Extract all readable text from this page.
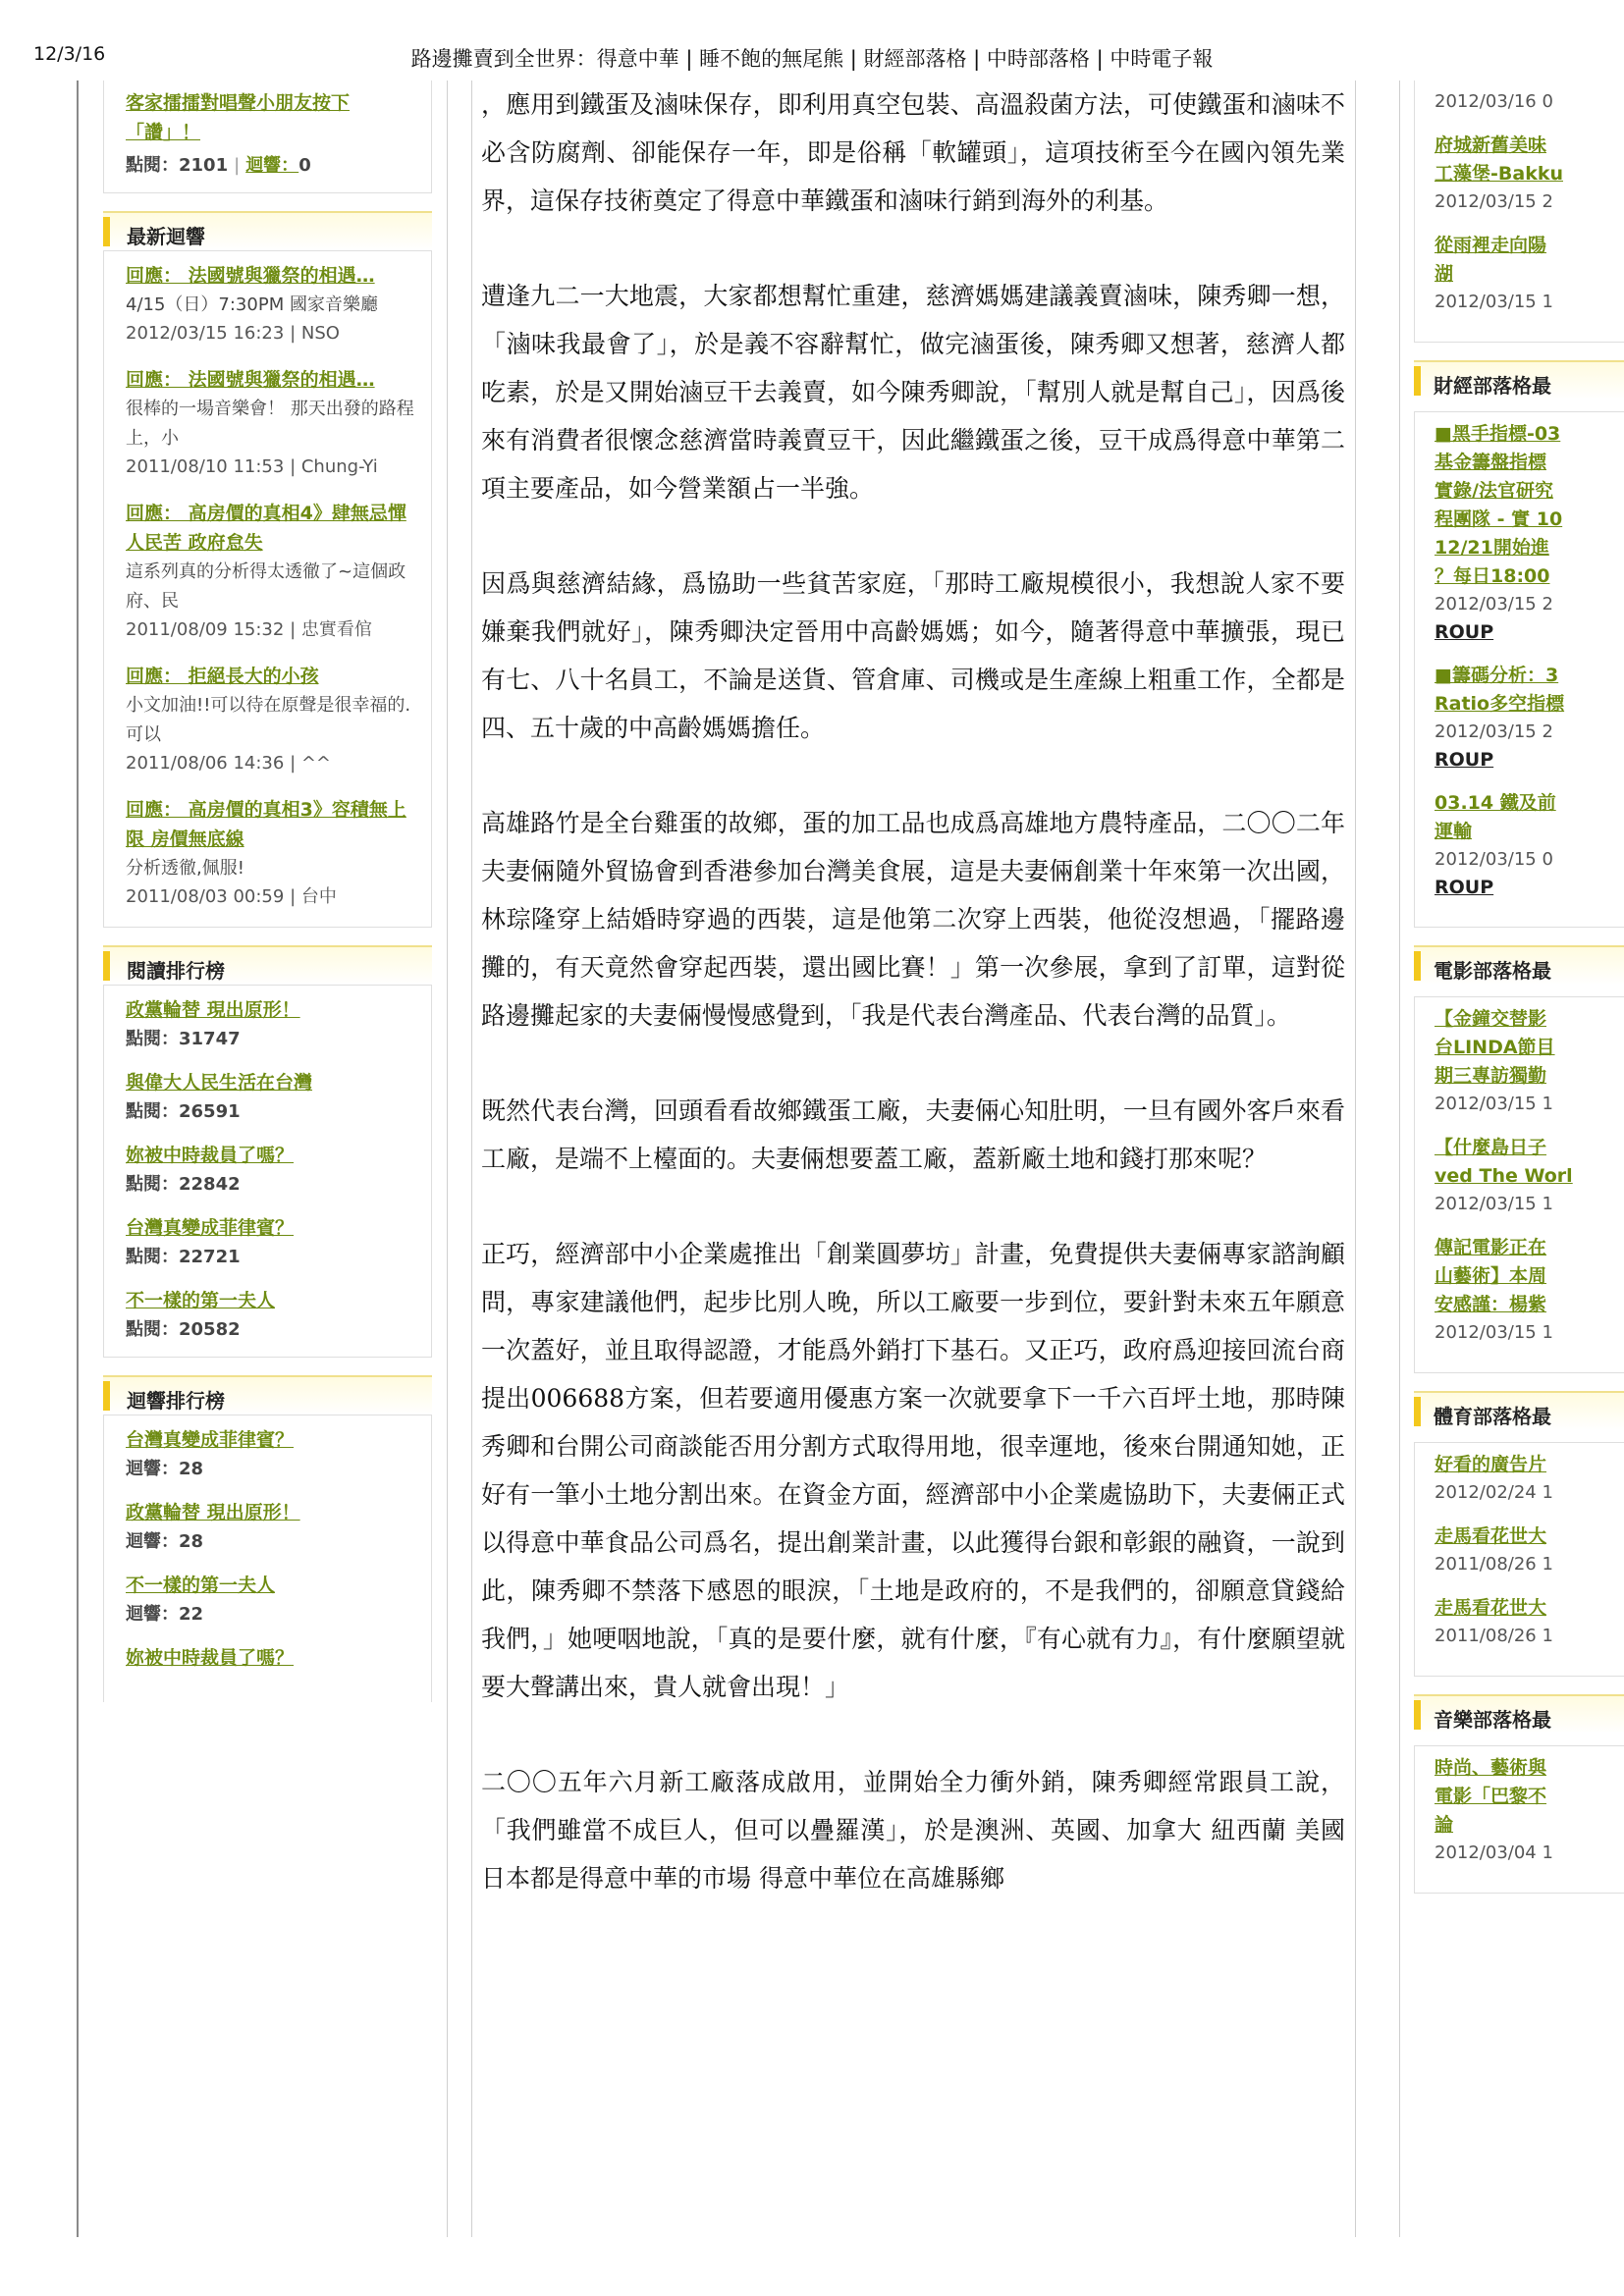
12/3/16	路邊攤賣到全世界：得意中華 | 睡不飽的無尾熊 | 財經部落格 | 中時部落格 | 中時電子報
客家擂擂對唱聲小朋友按下「讚」！
點閱：2101 | 迴響：0
最新迴響
回應： 法國號與獵祭的相遇…
4/15（日）7:30PM 國家音樂廳
2012/03/15 16:23 | NSO
回應： 法國號與獵祭的相遇…
很棒的一場音樂會！ 那天出發的路程上，小
2011/08/10 11:53 | Chung-Yi
回應： 高房價的真相4》肆無忌憚 人民苦 政府怠失
這系列真的分析得太透徹了~這個政府、民
2011/08/09 15:32 | 忠實看倌
回應： 拒絕長大的小孩
小文加油!!可以待在原聲是很幸福的.可以
2011/08/06 14:36 | ^^
回應： 高房價的真相3》容積無上限 房價無底線
分析透徹,佩服!
2011/08/03 00:59 | 台中
閱讀排行榜
政黨輪替 現出原形！
點閱：31747
與偉大人民生活在台灣
點閱：26591
妳被中時裁員了嗎？
點閱：22842
台灣真變成菲律賓？
點閱：22721
不一樣的第一夫人
點閱：20582
迴響排行榜
台灣真變成菲律賓？
迴響：28
政黨輪替 現出原形！
迴響：28
不一樣的第一夫人
迴響：22
妳被中時裁員了嗎？

，應用到鐵蛋及滷味保存，即利用真空包裝、高溫殺菌方法，可使鐵蛋和滷味不必含防腐劑、卻能保存一年，即是俗稱「軟罐頭」，這項技術至今在國內領先業界，這保存技術奠定了得意中華鐵蛋和滷味行銷到海外的利基。

遭逢九二一大地震，大家都想幫忙重建，慈濟媽媽建議義賣滷味，陳秀卿一想，「滷味我最會了」，於是義不容辭幫忙，做完滷蛋後，陳秀卿又想著，慈濟人都吃素，於是又開始滷豆干去義賣，如今陳秀卿說，「幫別人就是幫自己」，因爲後來有消費者很懷念慈濟當時義賣豆干，因此繼鐵蛋之後，豆干成爲得意中華第二項主要產品，如今營業額占一半強。

因爲與慈濟結緣，爲協助一些貧苦家庭，「那時工廠規模很小，我想說人家不要嫌棄我們就好」，陳秀卿決定晉用中高齡媽媽；如今，隨著得意中華擴張，現已有七、八十名員工，不論是送貨、管倉庫、司機或是生產線上粗重工作，全都是四、五十歲的中高齡媽媽擔任。

高雄路竹是全台雞蛋的故鄉，蛋的加工品也成爲高雄地方農特產品，二〇〇二年夫妻倆隨外貿協會到香港參加台灣美食展，這是夫妻倆創業十年來第一次出國，林琮隆穿上結婚時穿過的西裝，這是他第二次穿上西裝，他從沒想過，「擺路邊攤的，有天竟然會穿起西裝，還出國比賽！」第一次參展，拿到了訂單，這對從路邊攤起家的夫妻倆慢慢感覺到，「我是代表台灣產品、代表台灣的品質」。

既然代表台灣，回頭看看故鄉鐵蛋工廠，夫妻倆心知肚明，一旦有國外客戶來看工廠，是端不上檯面的。夫妻倆想要蓋工廠，蓋新廠土地和錢打那來呢？

正巧，經濟部中小企業處推出「創業圓夢坊」計畫，免費提供夫妻倆專家諮詢顧問，專家建議他們，起步比別人晚，所以工廠要一步到位，要針對未來五年願意一次蓋好，並且取得認證，才能爲外銷打下基石。又正巧，政府爲迎接回流台商提出006688方案，但若要適用優惠方案一次就要拿下一千六百坪土地，那時陳秀卿和台開公司商談能否用分割方式取得用地，很幸運地，後來台開通知她，正好有一筆小土地分割出來。在資金方面，經濟部中小企業處協助下，夫妻倆正式以得意中華食品公司爲名，提出創業計畫，以此獲得台銀和彰銀的融資，一說到此，陳秀卿不禁落下感恩的眼淚，「土地是政府的，不是我們的，卻願意貸錢給我們，」她哽咽地說，「真的是要什麼，就有什麼，『有心就有力』，有什麼願望就要大聲講出來，貴人就會出現！」

二〇〇五年六月新工廠落成啟用，並開始全力衝外銷，陳秀卿經常跟員工說，「我們雖當不成巨人，但可以疊羅漢」，於是澳洲、英國、加拿大 紐西蘭 美國 日本都是得意中華的市場 得意中華位在高雄縣鄉

2012/03/16 0
府城新舊美味
工藻堡-Bakku
2012/03/15 2
從雨裡走向陽
湖
2012/03/15 1
財經部落格最
■黑手指標-03
基金籌盤指標
實錄/法官研究
程團隊 - 實 10
12/21開始進
？每日18:00
2012/03/15 2
ROUP
■籌碼分析：3
Ratio多空指標
2012/03/15 2
ROUP
03.14 鐵及前
運輸
2012/03/15 0
ROUP
電影部落格最
【金鐘交替影
台LINDA節目
期三專訪獨勤
2012/03/15 1
【什麼島日子
ved The Worl
2012/03/15 1
傳記電影正在
山藝術】本周
安感謹：楊紫
2012/03/15 1
體育部落格最
好看的廣告片
2012/02/24 1
走馬看花世大
2011/08/26 1
走馬看花世大
2011/08/26 1
音樂部落格最
時尚、藝術與
電影「巴黎不
論
2012/03/04 1
